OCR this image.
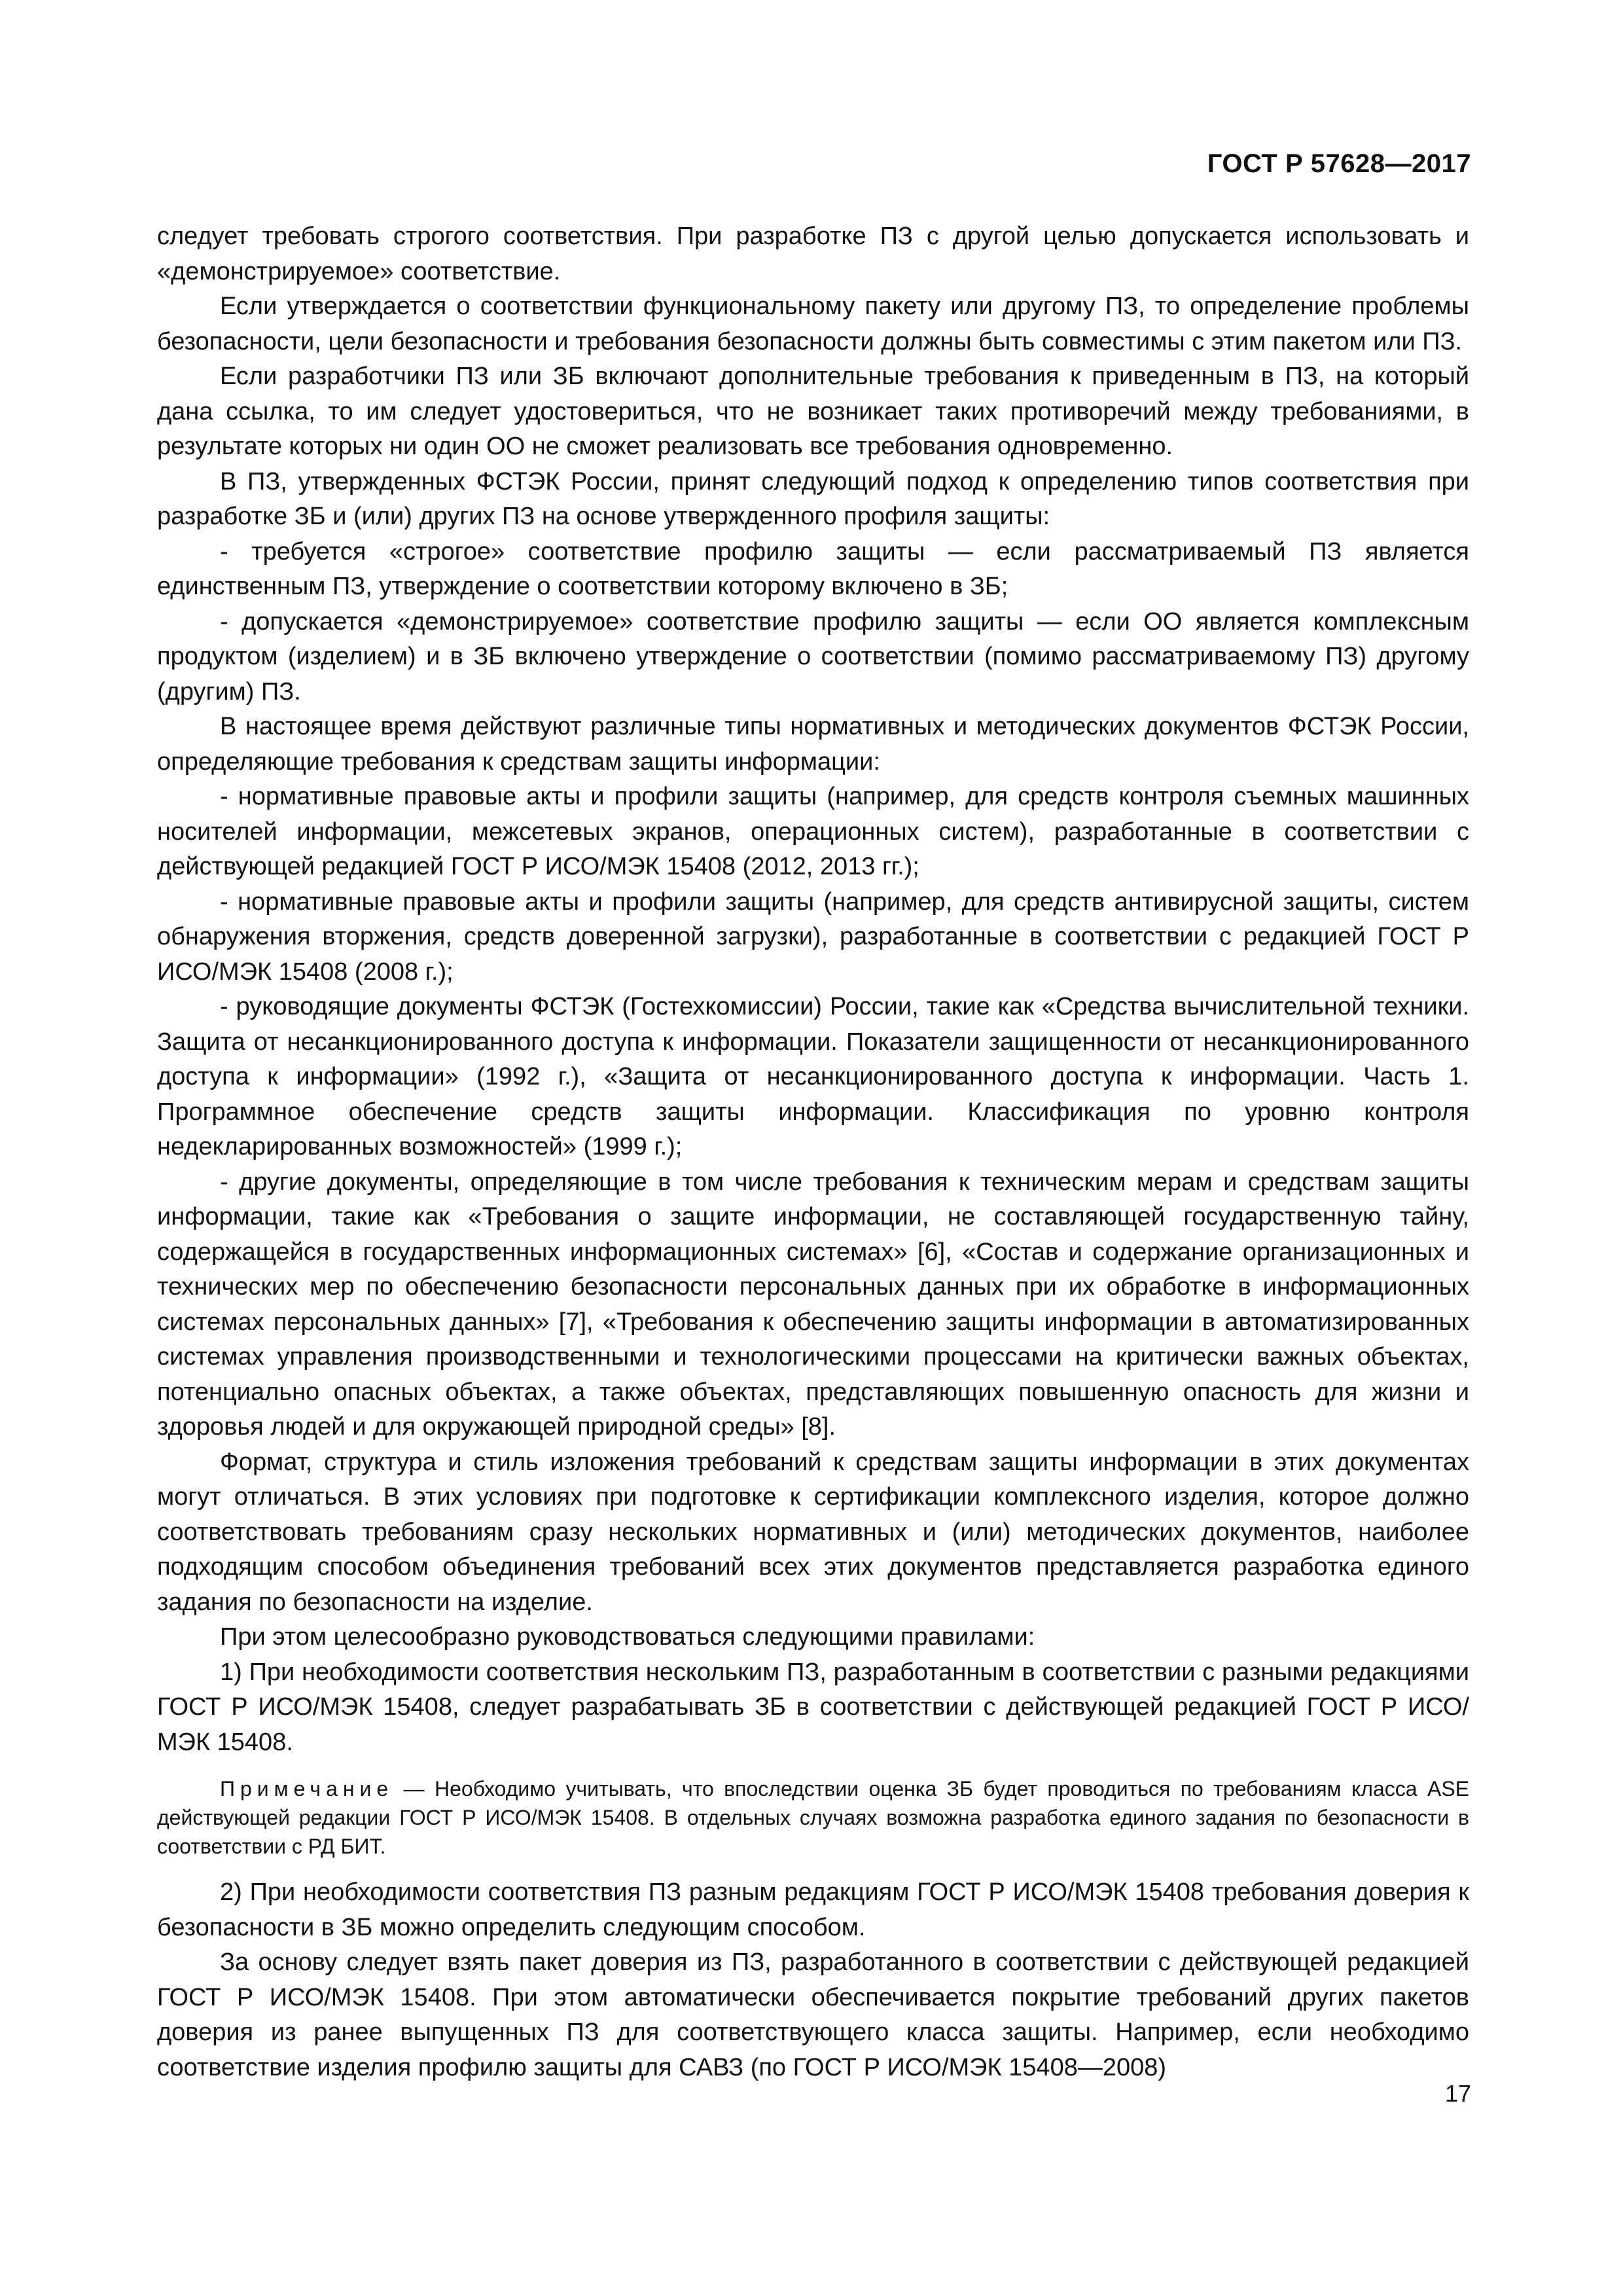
ГОСТ Р 57628—2017

следует требовать строгого соответствия. При разработке ПЗ с другой целью допускается использовать и «демонстрируемое» соответствие.

Если утверждается о соответствии функциональному пакету или другому ПЗ, то определение проблемы безопасности, цели безопасности и требования безопасности должны быть совместимы с этим пакетом или ПЗ.

Если разработчики ПЗ или ЗБ включают дополнительные требования к приведенным в ПЗ, на который дана ссылка, то им следует удостовериться, что не возникает таких противоречий между требованиями, в результате которых ни один ОО не сможет реализовать все требования одновременно.

В ПЗ, утвержденных ФСТЭК России, принят следующий подход к определению типов соответствия при разработке ЗБ и (или) других ПЗ на основе утвержденного профиля защиты:

- требуется «строгое» соответствие профилю защиты — если рассматриваемый ПЗ является единственным ПЗ, утверждение о соответствии которому включено в ЗБ;

- допускается «демонстрируемое» соответствие профилю защиты — если ОО является комплексным продуктом (изделием) и в ЗБ включено утверждение о соответствии (помимо рассматриваемому ПЗ) другому (другим) ПЗ.

В настоящее время действуют различные типы нормативных и методических документов ФСТЭК России, определяющие требования к средствам защиты информации:

- нормативные правовые акты и профили защиты (например, для средств контроля съемных машинных носителей информации, межсетевых экранов, операционных систем), разработанные в соответствии с действующей редакцией ГОСТ Р ИСО/МЭК 15408 (2012, 2013 гг.);

- нормативные правовые акты и профили защиты (например, для средств антивирусной защиты, систем обнаружения вторжения, средств доверенной загрузки), разработанные в соответствии с редакцией ГОСТ Р ИСО/МЭК 15408 (2008 г.);

- руководящие документы ФСТЭК (Гостехкомиссии) России, такие как «Средства вычислительной техники. Защита от несанкционированного доступа к информации. Показатели защищенности от несанкционированного доступа к информации» (1992 г.), «Защита от несанкционированного доступа к информации. Часть 1. Программное обеспечение средств защиты информации. Классификация по уровню контроля недекларированных возможностей» (1999 г.);

- другие документы, определяющие в том числе требования к техническим мерам и средствам защиты информации, такие как «Требования о защите информации, не составляющей государственную тайну, содержащейся в государственных информационных системах» [6], «Состав и содержание организационных и технических мер по обеспечению безопасности персональных данных при их обработке в информационных системах персональных данных» [7], «Требования к обеспечению защиты информации в автоматизированных системах управления производственными и технологическими процессами на критически важных объектах, потенциально опасных объектах, а также объектах, представляющих повышенную опасность для жизни и здоровья людей и для окружающей природной среды» [8].

Формат, структура и стиль изложения требований к средствам защиты информации в этих документах могут отличаться. В этих условиях при подготовке к сертификации комплексного изделия, которое должно соответствовать требованиям сразу нескольких нормативных и (или) методических документов, наиболее подходящим способом объединения требований всех этих документов представляется разработка единого задания по безопасности на изделие.

При этом целесообразно руководствоваться следующими правилами:

1) При необходимости соответствия нескольким ПЗ, разработанным в соответствии с разными редакциями ГОСТ Р ИСО/МЭК 15408, следует разрабатывать ЗБ в соответствии с действующей редакцией ГОСТ Р ИСО/МЭК 15408.

Примечание — Необходимо учитывать, что впоследствии оценка ЗБ будет проводиться по требованиям класса ASE действующей редакции ГОСТ Р ИСО/МЭК 15408. В отдельных случаях возможна разработка единого задания по безопасности в соответствии с РД БИТ.

2) При необходимости соответствия ПЗ разным редакциям ГОСТ Р ИСО/МЭК 15408 требования доверия к безопасности в ЗБ можно определить следующим способом.

За основу следует взять пакет доверия из ПЗ, разработанного в соответствии с действующей редакцией ГОСТ Р ИСО/МЭК 15408. При этом автоматически обеспечивается покрытие требований других пакетов доверия из ранее выпущенных ПЗ для соответствующего класса защиты. Например, если необходимо соответствие изделия профилю защиты для САВЗ (по ГОСТ Р ИСО/МЭК 15408—2008)

17
